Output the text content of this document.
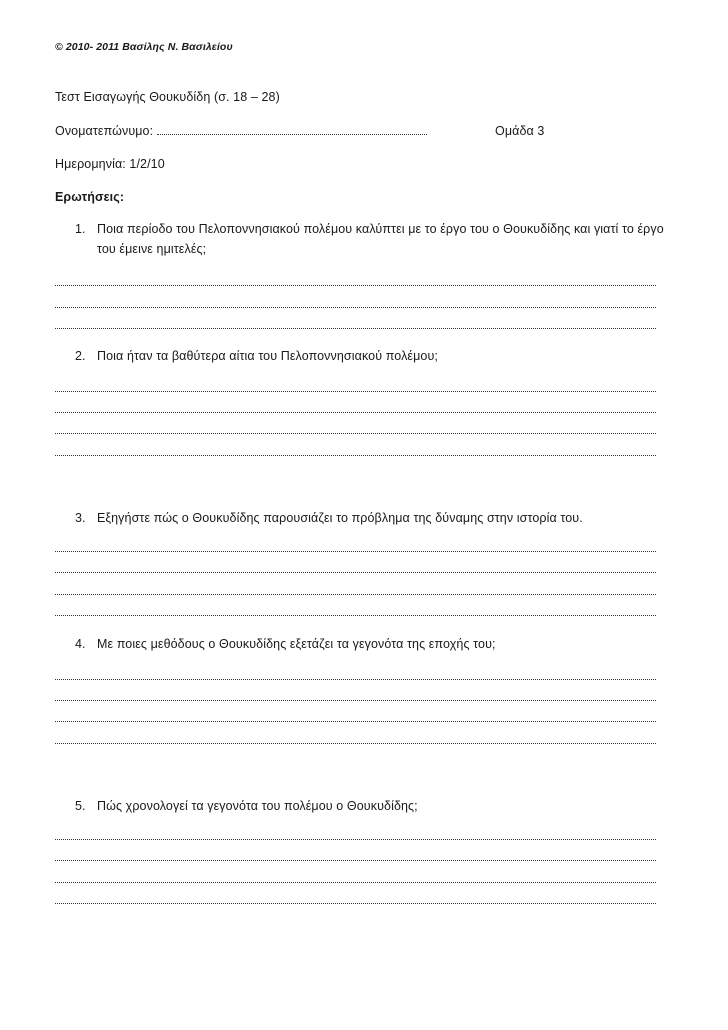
© 2010- 2011 Βασίλης Ν. Βασιλείου
Τεστ Εισαγωγής Θουκυδίδη (σ. 18 – 28)
Ονοματεπώνυμο:	Ομάδα 3
Ημερομηνία: 1/2/10
Ερωτήσεις:
1. Ποια περίοδο του Πελοποννησιακού πολέμου καλύπτει με το έργο του ο Θουκυδίδης και γιατί το έργο του έμεινε ημιτελές;
2. Ποια ήταν τα βαθύτερα αίτια του Πελοποννησιακού πολέμου;
3. Εξηγήστε πώς ο Θουκυδίδης παρουσιάζει το πρόβλημα της δύναμης στην ιστορία του.
4. Με ποιες μεθόδους ο Θουκυδίδης εξετάζει τα γεγονότα της εποχής του;
5. Πώς χρονολογεί τα γεγονότα του πολέμου ο Θουκυδίδης;
